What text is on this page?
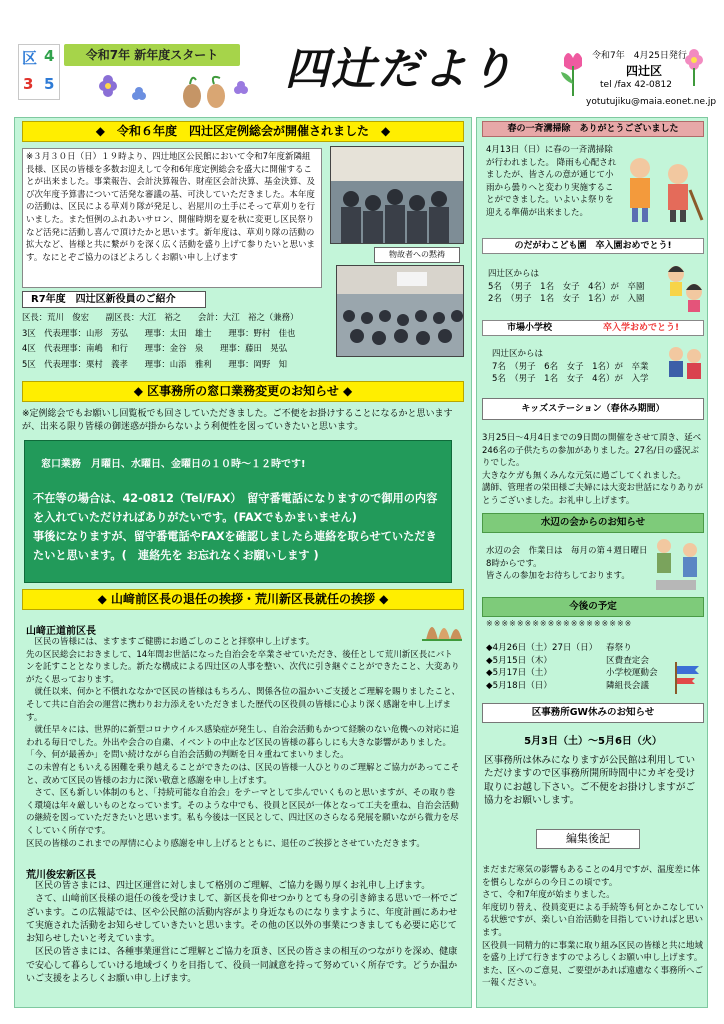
区 4
3 5
令和7年 新年度スタート	四辻だより	令和7年　4月25日発行
四辻区
tel /fax 42-0812
yotutujiku@maia.eonet.ne.jp
◆　令和６年度　四辻区定例総会が開催されました　◆
※３月３０日（日）１９時より、四辻地区公民館において令和7年度新隣組長様、区民の皆様を多数お迎えして令和6年度定例総会を盛大に開催することが出来ました。事業報告、会計決算報告、財産区会計決算、基金決算、及び次年度予算書について活発な審議の基、可決していただきました。本年度の活動は、区民による草刈り隊が発足し、岩屋川の土手にそって草刈りを行いました。また恒例のふれあいサロン、開催時期を夏を秋に変更し区民祭りなど活発に活動し喜んで頂けたかと思います。新年度は、草刈り隊の活動の拡大など、皆様と共に繋がりを深く広く活動を盛り上げて参りたいと思います。なにとぞご協力のほどよろしくお願い申し上げます	物故者への黙祷
R7年度　四辻区新役員のご紹介
区長：荒川　俊宏　　副区長：大江　裕之　　会計：大江　裕之（兼務）
3区　代表理事：山形　芳弘　　理事：太田　雄士　　理事：野村　佳也
4区　代表理事：南嶋　和行　　理事：金谷　泉　　理事：藤田　晃弘
5区　代表理事：栗村　義孝　　理事：山添　雅利　　理事：岡野　知
◆ 区事務所の窓口業務変更のお知らせ ◆
※定例総会でもお願いし回覧板でも回さしていただきました。ご不便をお掛けすることになるかと思いますが、出来る限り皆様の御迷惑が掛からないよう利便性を図っていきたいと思います。
窓口業務　月曜日、水曜日、金曜日の１０時〜１２時です!
不在等の場合は、42-0812（Tel/FAX）　留守番電話になりますので御用の内容を入れていただければありがたいです。(FAXでもかまいません)
事後になりますが、留守番電話やFAXを確認しましたら連絡を取らせていただきたいと思います。(　連絡先を お忘れなくお願いします )
◆ 山﨑前区長の退任の挨拶・荒川新区長就任の挨拶 ◆
山﨑正道前区長
　区民の皆様には、ますますご健勝にお過ごしのことと拝察申し上げます。
先の区民総会におきまして、14年間お世話になった自治会を卒業させていただき、後任として荒川新区長にバトンを託すこととなりました。新たな構成による四辻区の人事を整い、次代に引き継ぐことができたこと、大変ありがたく思っております。
　就任以来、何かと不慣れななかで区民の皆様はもちろん、関係各位の温かいご支援とご理解を賜りましたこと、そして共に自治会の運営に携わりお力添えをいただきました歴代の区役員の皆様に心より深く感謝を申し上げます。
　就任早々には、世界的に新型コロナウイルス感染症が発生し、自治会活動もかつて経験のない危機への対応に追われる毎日でした。外出や会合の自粛、イベントの中止など区民の皆様の暮らしにも大きな影響がありました。「今、何が最善か」を問い続けながら自治会活動の判断を日々重ねてまいりました。
この未曽有ともいえる困難を乗り越えることができたのは、区民の皆様一人ひとりのご理解とご協力があってこそと、改めて区民の皆様のお力に深い敬意と感謝を申し上げます。
　さて、区も新しい体制のもと、「持続可能な自治会」をテーマとして歩んでいくものと思いますが、その取り巻く環境は年々厳しいものとなっています。そのような中でも、役員と区民が一体となって工夫を重ね、自治会活動の継続を図っていただきたいと思います。私も今後は一区民として、四辻区のさらなる発展を願いながら微力を尽くしていく所存です。
区民の皆様のこれまでの厚情に心より感謝を申し上げるとともに、退任のご挨拶とさせていただきます。
荒川俊宏新区長
　区民の皆さまには、四辻区運営に対しまして格別のご理解、ご協力を賜り厚くお礼申し上げます。
　さて、山﨑前区長様の退任の後を受けまして、新区長を仰せつかりとても身の引き締まる思いで一杯でございます。この広報誌では、区や公民館の活動内容がより身近なものになりますように、年度計画にあわせて実施された活動をお知らせしていきたいと思います。その他の区以外の事業につきましても必要に応じてお知らせしたいと考えています。
　区民の皆さまには、各種事業運営にご理解とご協力を頂き、区民の皆さまの相互のつながりを深め、健康で安心して暮らしていける地域づくりを目指して、役員一同誠意を持って努めていく所存です。どうか温かいご支援をよろしくお願い申し上げます。
春の一斉溝掃除　ありがとうございました
4月13日（日）に春の一斉溝掃除が行われました。 降雨も心配されましたが、皆さんの意が通じて小雨から曇りへと変わり実施することができました。いよいよ祭りを迎える準備が出来ました。
のだがわこども園　卒入園おめでとう!
四辻区からは
5名　（男子　1名　女子　4名）が　卒園
2名　（男子　1名　女子　1名）が　入園
市場小学校	卒入学おめでとう!
四辻区からは
7名　（男子　6名　女子　1名）が　卒業
5名　（男子　1名　女子　4名）が　入学
キッズステーション（春休み期間）
3月25日〜4月4日までの9日間の開催をさせて頂き、延べ246名の子供たちの参加がありました。27名/日の盛況ぶりでした。
大きなケガも無くみんな元気に過ごしてくれました。
講師、管理者の栄田様ご夫婦には大変お世話になりありがとうございました。お礼申し上げます。
水辺の会からのお知らせ
水辺の会　作業日は　毎月の第４週日曜日 8時からです。
皆さんの参加をお待ちしております。
今後の予定
※※※※※※※※※※※※※※※※※※※
◆4月26日（土）27日（日） 春祭り
◆5月15日（木）	区費査定会
◆5月17日（土）	小学校運動会
◆5月18日（日）	隣組長会議
区事務所GW休みのお知らせ
5月3日（土）〜5月6日（火）
区事務所は休みになりますが公民館は利用していただけますので区事務所開所時間中にカギを受け取りにお越し下さい。ご不便をお掛けしますがご協力をお願いします。
編集後記
まだまだ寒気の影響もあることの4月ですが、温度差に体を慣らしながらの今日この頃です。
さて、令和7年度が始まりました。
年度切り替え、役員変更による手続等も何とかこなしている状態ですが、楽しい自治活動を目指していければと思います。
区役員一同精力的に事業に取り組み区民の皆様と共に地域を盛り上げて行きますのでよろしくお願い申し上げます。
また、区へのご意見、ご要望があれば遠慮なく事務所へご一報ください。
